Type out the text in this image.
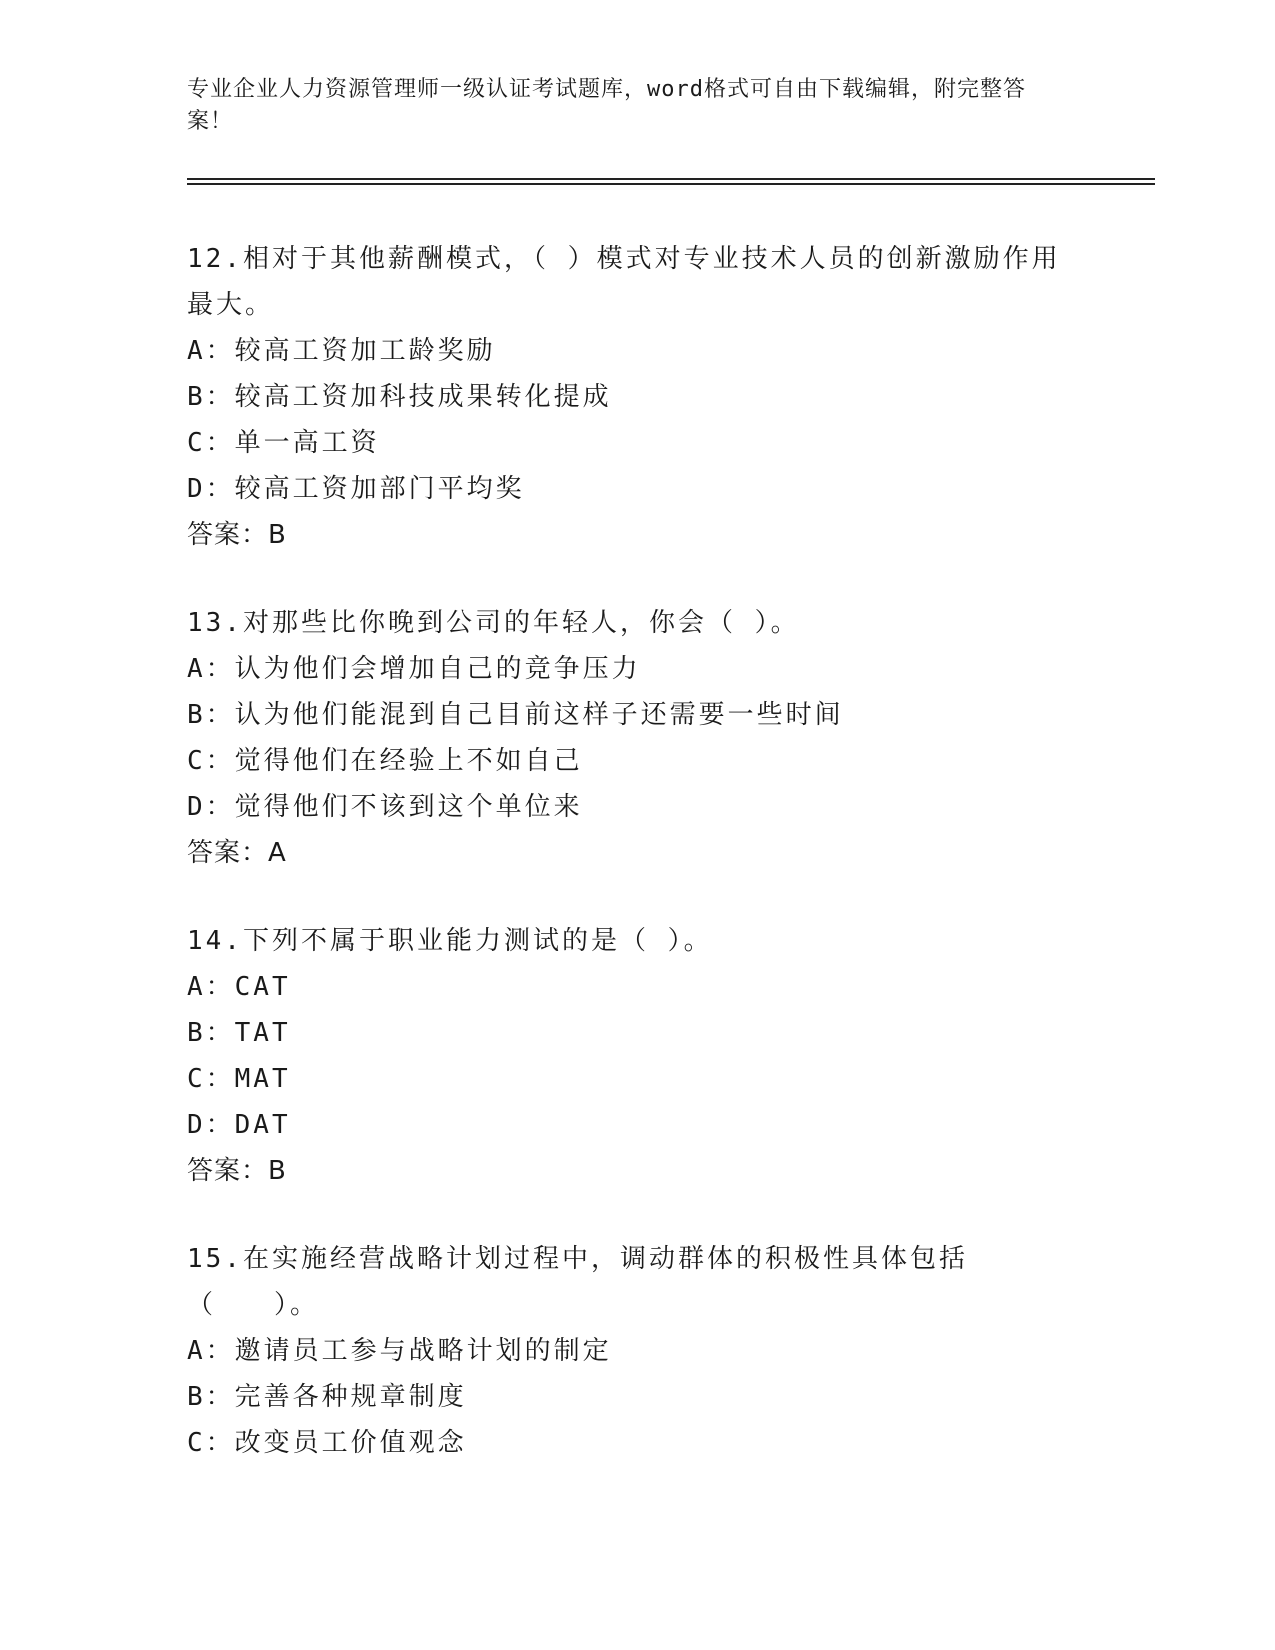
专业企业人力资源管理师一级认证考试题库，word格式可自由下载编辑，附完整答案！

12.相对于其他薪酬模式，（ ）模式对专业技术人员的创新激励作用最大。

A：较高工资加工龄奖励

B：较高工资加科技成果转化提成

C：单一高工资

D：较高工资加部门平均奖

答案：B

13.对那些比你晚到公司的年轻人，你会（ ）。

A：认为他们会增加自己的竞争压力

B：认为他们能混到自己目前这样子还需要一些时间

C：觉得他们在经验上不如自己

D：觉得他们不该到这个单位来

答案：A

14.下列不属于职业能力测试的是（ ）。

A：CAT

B：TAT

C：MAT

D：DAT

答案：B

15.在实施经营战略计划过程中，调动群体的积极性具体包括（　　）。

A：邀请员工参与战略计划的制定

B：完善各种规章制度

C：改变员工价值观念
